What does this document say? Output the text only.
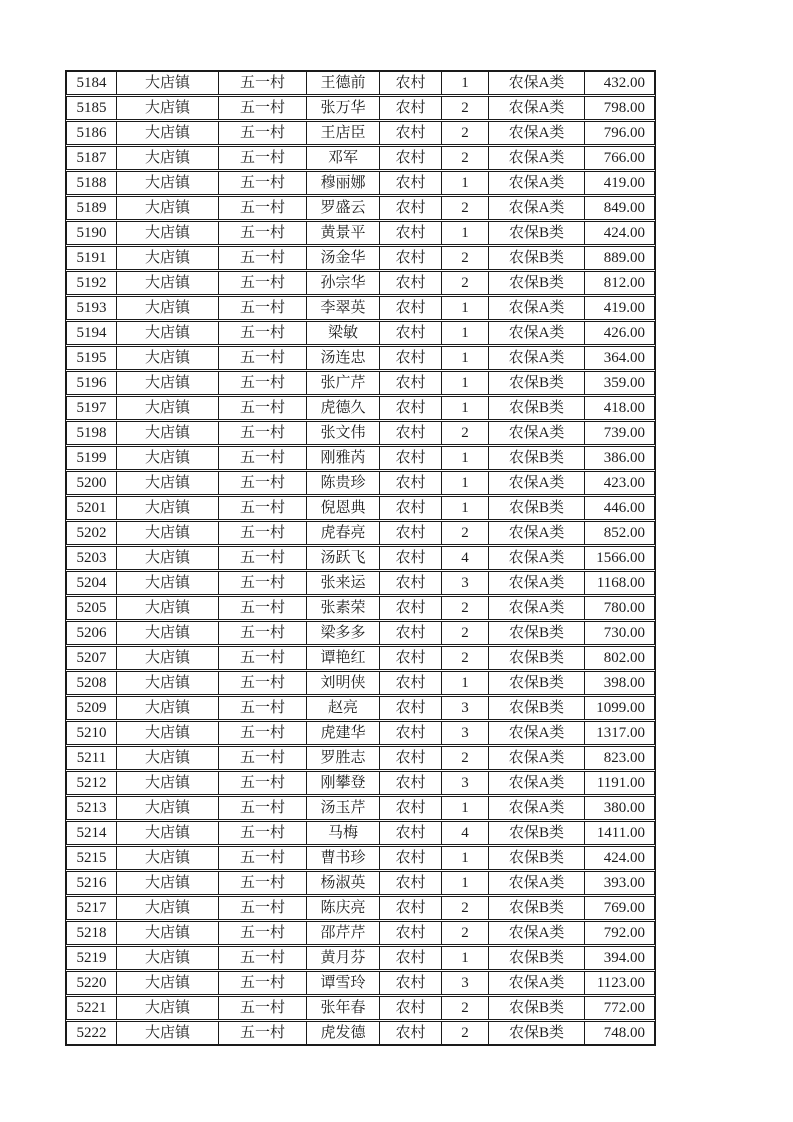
5184	大店镇	五一村	王德前	农村	1	农保A类	432.00
5185	大店镇	五一村	张万华	农村	2	农保A类	798.00
5186	大店镇	五一村	王店臣	农村	2	农保A类	796.00
5187	大店镇	五一村	邓军	农村	2	农保A类	766.00
5188	大店镇	五一村	穆丽娜	农村	1	农保A类	419.00
5189	大店镇	五一村	罗盛云	农村	2	农保A类	849.00
5190	大店镇	五一村	黄景平	农村	1	农保B类	424.00
5191	大店镇	五一村	汤金华	农村	2	农保B类	889.00
5192	大店镇	五一村	孙宗华	农村	2	农保B类	812.00
5193	大店镇	五一村	李翠英	农村	1	农保A类	419.00
5194	大店镇	五一村	梁敏	农村	1	农保A类	426.00
5195	大店镇	五一村	汤连忠	农村	1	农保A类	364.00
5196	大店镇	五一村	张广芹	农村	1	农保B类	359.00
5197	大店镇	五一村	虎德久	农村	1	农保B类	418.00
5198	大店镇	五一村	张文伟	农村	2	农保A类	739.00
5199	大店镇	五一村	刚雅芮	农村	1	农保B类	386.00
5200	大店镇	五一村	陈贵珍	农村	1	农保A类	423.00
5201	大店镇	五一村	倪恩典	农村	1	农保B类	446.00
5202	大店镇	五一村	虎春亮	农村	2	农保A类	852.00
5203	大店镇	五一村	汤跃飞	农村	4	农保A类	1566.00
5204	大店镇	五一村	张来运	农村	3	农保A类	1168.00
5205	大店镇	五一村	张素荣	农村	2	农保A类	780.00
5206	大店镇	五一村	梁多多	农村	2	农保B类	730.00
5207	大店镇	五一村	谭艳红	农村	2	农保B类	802.00
5208	大店镇	五一村	刘明侠	农村	1	农保B类	398.00
5209	大店镇	五一村	赵亮	农村	3	农保B类	1099.00
5210	大店镇	五一村	虎建华	农村	3	农保A类	1317.00
5211	大店镇	五一村	罗胜志	农村	2	农保A类	823.00
5212	大店镇	五一村	刚攀登	农村	3	农保A类	1191.00
5213	大店镇	五一村	汤玉芹	农村	1	农保A类	380.00
5214	大店镇	五一村	马梅	农村	4	农保B类	1411.00
5215	大店镇	五一村	曹书珍	农村	1	农保B类	424.00
5216	大店镇	五一村	杨淑英	农村	1	农保A类	393.00
5217	大店镇	五一村	陈庆亮	农村	2	农保B类	769.00
5218	大店镇	五一村	邵芹芹	农村	2	农保A类	792.00
5219	大店镇	五一村	黄月芬	农村	1	农保B类	394.00
5220	大店镇	五一村	谭雪玲	农村	3	农保A类	1123.00
5221	大店镇	五一村	张年春	农村	2	农保B类	772.00
5222	大店镇	五一村	虎发德	农村	2	农保B类	748.00
